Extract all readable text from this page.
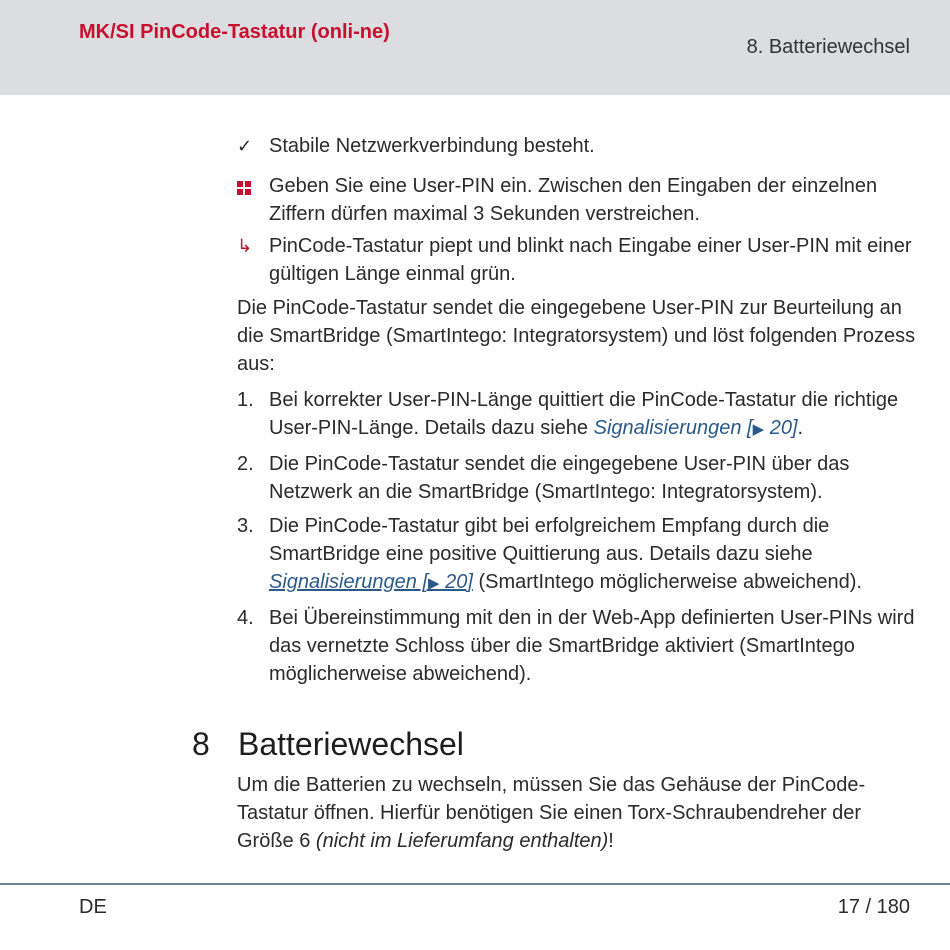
MK/SI PinCode-Tastatur (onli-ne)
8. Batteriewechsel
✓ Stabile Netzwerkverbindung besteht.
Geben Sie eine User-PIN ein. Zwischen den Eingaben der einzelnen Ziffern dürfen maximal 3 Sekunden verstreichen.
↳ PinCode-Tastatur piept und blinkt nach Eingabe einer User-PIN mit einer gültigen Länge einmal grün.

Die PinCode-Tastatur sendet die eingegebene User-PIN zur Beurteilung an die SmartBridge (SmartIntego: Integratorsystem) und löst folgenden Prozess aus:

1. Bei korrekter User-PIN-Länge quittiert die PinCode-Tastatur die richtige User-PIN-Länge. Details dazu siehe Signalisierungen [▶ 20].
2. Die PinCode-Tastatur sendet die eingegebene User-PIN über das Netzwerk an die SmartBridge (SmartIntego: Integratorsystem).
3. Die PinCode-Tastatur gibt bei erfolgreichem Empfang durch die SmartBridge eine positive Quittierung aus. Details dazu siehe Signalisierungen [▶ 20] (SmartIntego möglicherweise abweichend).
4. Bei Übereinstimmung mit den in der Web-App definierten User-PINs wird das vernetzte Schloss über die SmartBridge aktiviert (SmartIntego möglicherweise abweichend).
8 Batteriewechsel

Um die Batterien zu wechseln, müssen Sie das Gehäuse der PinCode-Tastatur öffnen. Hierfür benötigen Sie einen Torx-Schraubendreher der Größe 6 (nicht im Lieferumfang enthalten)!

DE	17 / 180
